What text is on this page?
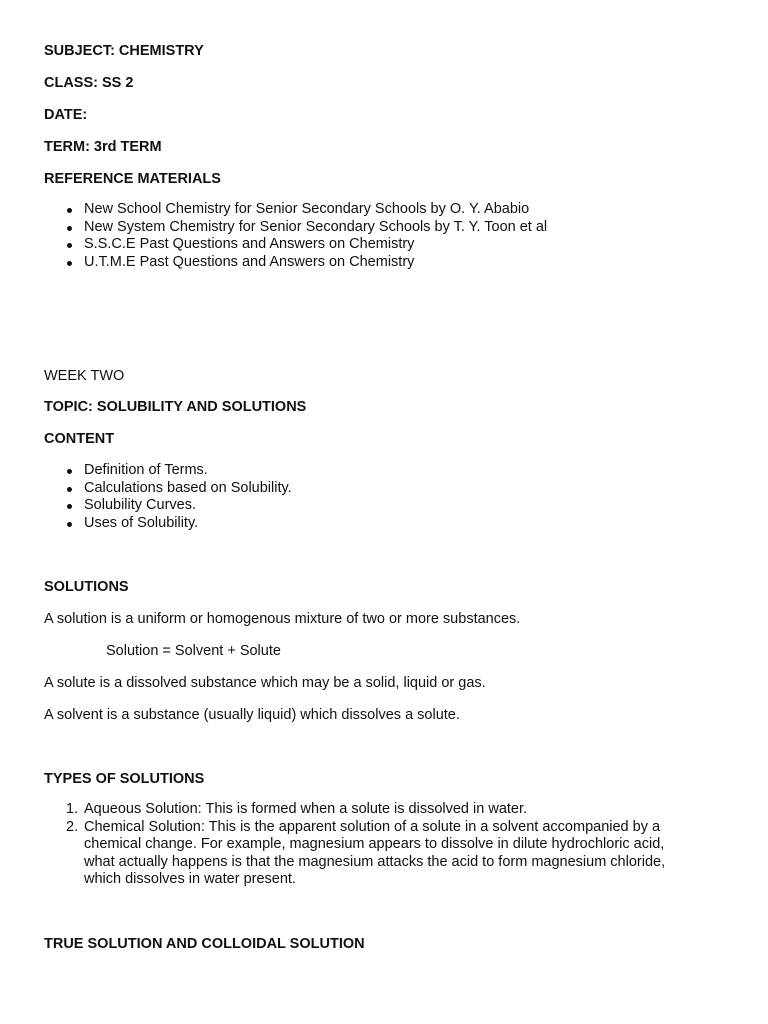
SUBJECT: CHEMISTRY
CLASS: SS 2
DATE:
TERM: 3rd TERM
REFERENCE MATERIALS
New School Chemistry for Senior Secondary Schools by O. Y. Ababio
New System Chemistry for Senior Secondary Schools by T. Y. Toon et al
S.S.C.E Past Questions and Answers on Chemistry
U.T.M.E Past Questions and Answers on Chemistry
WEEK TWO
TOPIC: SOLUBILITY AND SOLUTIONS
CONTENT
Definition of Terms.
Calculations based on Solubility.
Solubility Curves.
Uses of Solubility.
SOLUTIONS
A solution is a uniform or homogenous mixture of two or more substances.
Solution = Solvent + Solute
A solute is a dissolved substance which may be a solid, liquid or gas.
A solvent is a substance (usually liquid) which dissolves a solute.
TYPES OF SOLUTIONS
1. Aqueous Solution: This is formed when a solute is dissolved in water.
2. Chemical Solution: This is the apparent solution of a solute in a solvent accompanied by a
chemical change. For example, magnesium appears to dissolve in dilute hydrochloric acid,
what actually happens is that the magnesium attacks the acid to form magnesium chloride,
which dissolves in water present.
TRUE SOLUTION AND COLLOIDAL SOLUTION
